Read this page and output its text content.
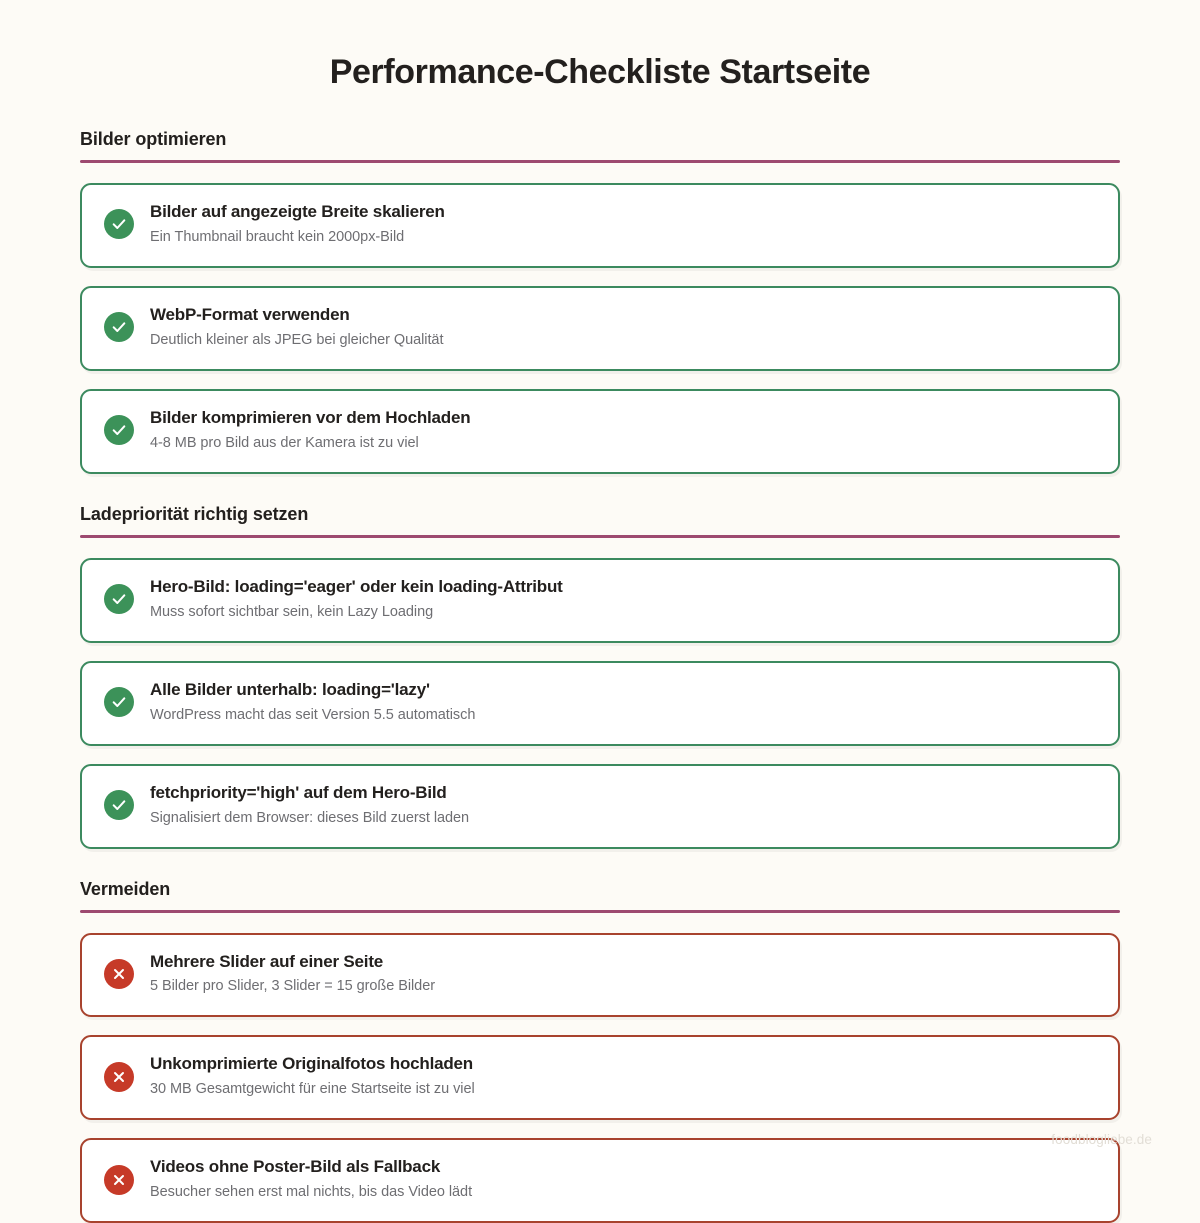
Performance-Checkliste Startseite
Bilder optimieren
Bilder auf angezeigte Breite skalieren
Ein Thumbnail braucht kein 2000px-Bild
WebP-Format verwenden
Deutlich kleiner als JPEG bei gleicher Qualität
Bilder komprimieren vor dem Hochladen
4-8 MB pro Bild aus der Kamera ist zu viel
Ladepriorität richtig setzen
Hero-Bild: loading='eager' oder kein loading-Attribut
Muss sofort sichtbar sein, kein Lazy Loading
Alle Bilder unterhalb: loading='lazy'
WordPress macht das seit Version 5.5 automatisch
fetchpriority='high' auf dem Hero-Bild
Signalisiert dem Browser: dieses Bild zuerst laden
Vermeiden
Mehrere Slider auf einer Seite
5 Bilder pro Slider, 3 Slider = 15 große Bilder
Unkomprimierte Originalfotos hochladen
30 MB Gesamtgewicht für eine Startseite ist zu viel
Videos ohne Poster-Bild als Fallback
Besucher sehen erst mal nichts, bis das Video lädt
foodblogliebe.de
